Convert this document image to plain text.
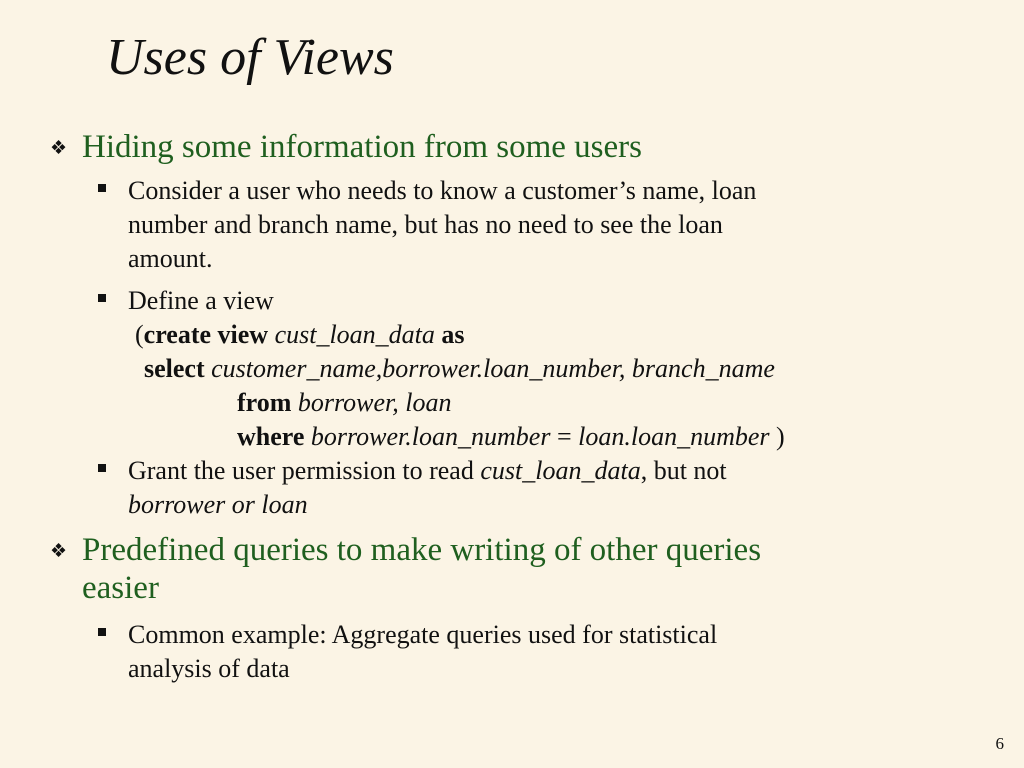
Uses of Views
❖ Hiding some information from some users
Consider a user who needs to know a customer’s name, loan
number and branch name, but has no need to see the loan
amount.
Define a view
(create view cust_loan_data as
select customer_name,borrower.loan_number, branch_name
from borrower, loan
where borrower.loan_number = loan.loan_number )
Grant the user permission to read cust_loan_data, but not
borrower or loan
❖ Predefined queries to make writing of other queries
easier
Common example: Aggregate queries used for statistical
analysis of data
6
